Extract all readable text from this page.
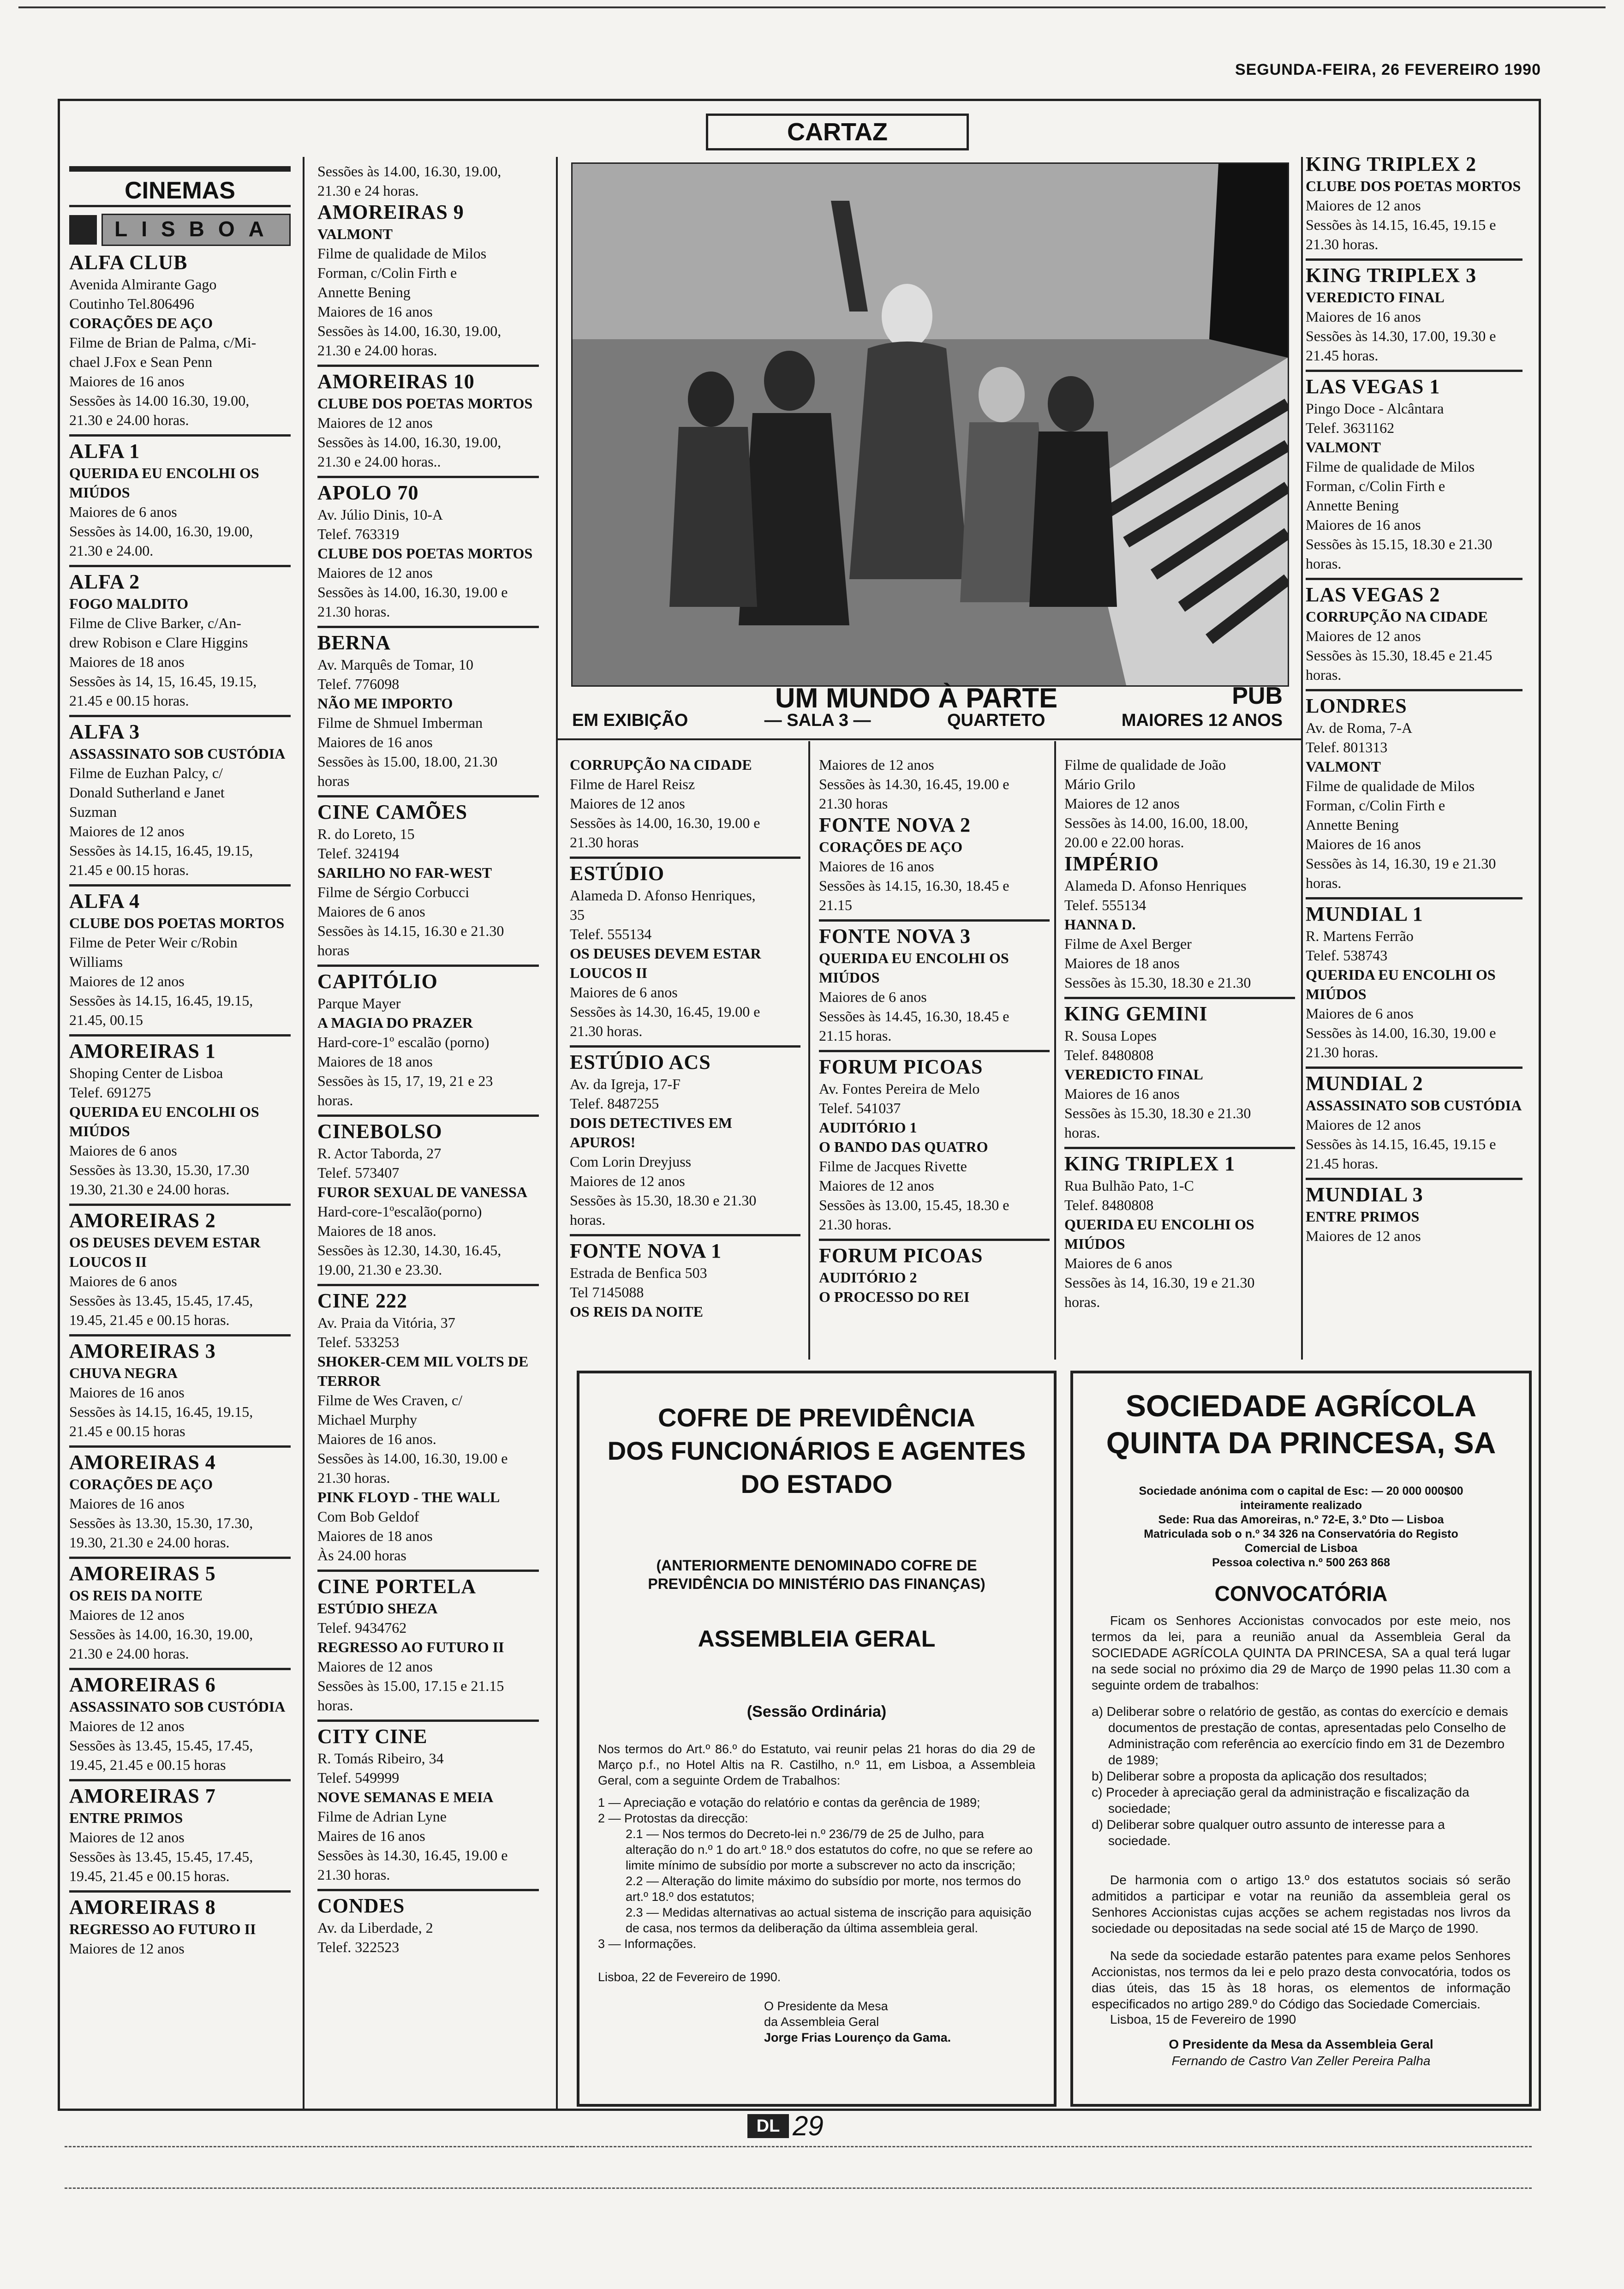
SEGUNDA-FEIRA, 26 FEVEREIRO 1990
CARTAZ
CINEMAS
LISBOA
ALFA CLUB
Avenida Almirante Gago
Coutinho Tel.806496
CORAÇÕES DE AÇO
Filme de Brian de Palma, c/Mi-
chael J.Fox e Sean Penn
Maiores de 16 anos
Sessões às 14.00 16.30, 19.00,
21.30 e 24.00 horas.
ALFA 1
QUERIDA EU ENCOLHI OS MIÚDOS
Maiores de 6 anos
Sessões às 14.00, 16.30, 19.00,
21.30 e 24.00.
ALFA 2
FOGO MALDITO
Filme de Clive Barker, c/An-
drew Robison e Clare Higgins
Maiores de 18 anos
Sessões às 14, 15, 16.45, 19.15,
21.45 e 00.15 horas.
ALFA 3
ASSASSINATO SOB CUSTÓDIA
Filme de Euzhan Palcy, c/
Donald Sutherland e Janet
Suzman
Maiores de 12 anos
Sessões às 14.15, 16.45, 19.15,
21.45 e 00.15 horas.
ALFA 4
CLUBE DOS POETAS MORTOS
Filme de Peter Weir c/Robin
Williams
Maiores de 12 anos
Sessões às 14.15, 16.45, 19.15,
21.45, 00.15
AMOREIRAS 1
Shoping Center de Lisboa
Telef. 691275
QUERIDA EU ENCOLHI OS MIÚDOS
Maiores de 6 anos
Sessões às 13.30, 15.30, 17.30
19.30, 21.30 e 24.00 horas.
AMOREIRAS 2
OS DEUSES DEVEM ESTAR LOUCOS II
Maiores de 6 anos
Sessões às 13.45, 15.45, 17.45,
19.45, 21.45 e 00.15 horas.
AMOREIRAS 3
CHUVA NEGRA
Maiores de 16 anos
Sessões às 14.15, 16.45, 19.15,
21.45 e 00.15 horas
AMOREIRAS 4
CORAÇÕES DE AÇO
Maiores de 16 anos
Sessões às 13.30, 15.30, 17.30,
19.30, 21.30 e 24.00 horas.
AMOREIRAS 5
OS REIS DA NOITE
Maiores de 12 anos
Sessões às 14.00, 16.30, 19.00,
21.30 e 24.00 horas.
AMOREIRAS 6
ASSASSINATO SOB CUSTÓDIA
Maiores de 12 anos
Sessões às 13.45, 15.45, 17.45,
19.45, 21.45 e 00.15 horas
AMOREIRAS 7
ENTRE PRIMOS
Maiores de 12 anos
Sessões às 13.45, 15.45, 17.45,
19.45, 21.45 e 00.15 horas.
AMOREIRAS 8
REGRESSO AO FUTURO II
Maiores de 12 anos
Sessões às 14.00, 16.30, 19.00,
21.30 e 24 horas.
AMOREIRAS 9
VALMONT
Filme de qualidade de Milos
Forman, c/Colin Firth e
Annette Bening
Maiores de 16 anos
Sessões às 14.00, 16.30, 19.00,
21.30 e 24.00 horas.
AMOREIRAS 10
CLUBE DOS POETAS MORTOS
Maiores de 12 anos
Sessões às 14.00, 16.30, 19.00,
21.30 e 24.00 horas..
APOLO 70
Av. Júlio Dinis, 10-A
Telef. 763319
CLUBE DOS POETAS MORTOS
Maiores de 12 anos
Sessões às 14.00, 16.30, 19.00 e
21.30 horas.
BERNA
Av. Marquês de Tomar, 10
Telef. 776098
NÃO ME IMPORTO
Filme de Shmuel Imberman
Maiores de 16 anos
Sessões às 15.00, 18.00, 21.30
horas
CINE CAMÕES
R. do Loreto, 15
Telef. 324194
SARILHO NO FAR-WEST
Filme de Sérgio Corbucci
Maiores de 6 anos
Sessões às 14.15, 16.30 e 21.30
horas
CAPITÓLIO
Parque Mayer
A MAGIA DO PRAZER
Hard-core-1º escalão (porno)
Maiores de 18 anos
Sessões às 15, 17, 19, 21 e 23
horas.
CINEBOLSO
R. Actor Taborda, 27
Telef. 573407
FUROR SEXUAL DE VANESSA
Hard-core-1ºescalão(porno)
Maiores de 18 anos.
Sessões às 12.30, 14.30, 16.45,
19.00, 21.30 e 23.30.
CINE 222
Av. Praia da Vitória, 37
Telef. 533253
SHOKER-CEM MIL VOLTS DE TERROR
Filme de Wes Craven, c/
Michael Murphy
Maiores de 16 anos.
Sessões às 14.00, 16.30, 19.00 e
21.30 horas.
PINK FLOYD - THE WALL
Com Bob Geldof
Maiores de 18 anos
Às 24.00 horas
CINE PORTELA
ESTÚDIO SHEZA
Telef. 9434762
REGRESSO AO FUTURO II
Maiores de 12 anos
Sessões às 15.00, 17.15 e 21.15
horas.
CITY CINE
R. Tomás Ribeiro, 34
Telef. 549999
NOVE SEMANAS E MEIA
Filme de Adrian Lyne
Maires de 16 anos
Sessões às 14.30, 16.45, 19.00 e
21.30 horas.
CONDES
Av. da Liberdade, 2
Telef. 322523
UM MUNDO À PARTE	PUB
EM EXIBIÇÃO	— SALA 3 —	QUARTETO	MAIORES 12 ANOS
CORRUPÇÃO NA CIDADE
Filme de Harel Reisz
Maiores de 12 anos
Sessões às 14.00, 16.30, 19.00 e
21.30 horas
ESTÚDIO
Alameda D. Afonso Henriques,
35
Telef. 555134
OS DEUSES DEVEM ESTAR LOUCOS II
Maiores de 6 anos
Sessões às 14.30, 16.45, 19.00 e
21.30 horas.
ESTÚDIO ACS
Av. da Igreja, 17-F
Telef. 8487255
DOIS DETECTIVES EM APUROS!
Com Lorin Dreyjuss
Maiores de 12 anos
Sessões às 15.30, 18.30 e 21.30
horas.
FONTE NOVA 1
Estrada de Benfica 503
Tel 7145088
OS REIS DA NOITE
Maiores de 12 anos
Sessões às 14.30, 16.45, 19.00 e
21.30 horas
FONTE NOVA 2
CORAÇÕES DE AÇO
Maiores de 16 anos
Sessões às 14.15, 16.30, 18.45 e
21.15
FONTE NOVA 3
QUERIDA EU ENCOLHI OS MIÚDOS
Maiores de 6 anos
Sessões às 14.45, 16.30, 18.45 e
21.15 horas.
FORUM PICOAS
Av. Fontes Pereira de Melo
Telef. 541037
AUDITÓRIO 1
O BANDO DAS QUATRO
Filme de Jacques Rivette
Maiores de 12 anos
Sessões às 13.00, 15.45, 18.30 e
21.30 horas.
FORUM PICOAS
AUDITÓRIO 2
O PROCESSO DO REI
Filme de qualidade de João
Mário Grilo
Maiores de 12 anos
Sessões às 14.00, 16.00, 18.00,
20.00 e 22.00 horas.
IMPÉRIO
Alameda D. Afonso Henriques
Telef. 555134
HANNA D.
Filme de Axel Berger
Maiores de 18 anos
Sessões às 15.30, 18.30 e 21.30
KING GEMINI
R. Sousa Lopes
Telef. 8480808
VEREDICTO FINAL
Maiores de 16 anos
Sessões às 15.30, 18.30 e 21.30
horas.
KING TRIPLEX 1
Rua Bulhão Pato, 1-C
Telef. 8480808
QUERIDA EU ENCOLHI OS MIÚDOS
Maiores de 6 anos
Sessões às 14, 16.30, 19 e 21.30
horas.
KING TRIPLEX 2
CLUBE DOS POETAS MORTOS
Maiores de 12 anos
Sessões às 14.15, 16.45, 19.15 e
21.30 horas.
KING TRIPLEX 3
VEREDICTO FINAL
Maiores de 16 anos
Sessões às 14.30, 17.00, 19.30 e
21.45 horas.
LAS VEGAS 1
Pingo Doce - Alcântara
Telef. 3631162
VALMONT
Filme de qualidade de Milos
Forman, c/Colin Firth e
Annette Bening
Maiores de 16 anos
Sessões às 15.15, 18.30 e 21.30
horas.
LAS VEGAS 2
CORRUPÇÃO NA CIDADE
Maiores de 12 anos
Sessões às 15.30, 18.45 e 21.45
horas.
LONDRES
Av. de Roma, 7-A
Telef. 801313
VALMONT
Filme de qualidade de Milos
Forman, c/Colin Firth e
Annette Bening
Maiores de 16 anos
Sessões às 14, 16.30, 19 e 21.30
horas.
MUNDIAL 1
R. Martens Ferrão
Telef. 538743
QUERIDA EU ENCOLHI OS MIÚDOS
Maiores de 6 anos
Sessões às 14.00, 16.30, 19.00 e
21.30 horas.
MUNDIAL 2
ASSASSINATO SOB CUSTÓDIA
Maiores de 12 anos
Sessões às 14.15, 16.45, 19.15 e
21.45 horas.
MUNDIAL 3
ENTRE PRIMOS
Maiores de 12 anos
COFRE DE PREVIDÊNCIA
DOS FUNCIONÁRIOS E AGENTES
DO ESTADO
(ANTERIORMENTE DENOMINADO COFRE DE
PREVIDÊNCIA DO MINISTÉRIO DAS FINANÇAS)
ASSEMBLEIA GERAL
(Sessão Ordinária)

Nos termos do Art.º 86.º do Estatuto, vai reunir pelas 21 horas do dia 29 de Março p.f., no Hotel Altis na R. Castilho, n.º 11, em Lisboa, a Assembleia Geral, com a seguinte Ordem de Trabalhos:

1 — Apreciação e votação do relatório e contas da gerência de 1989;
2 — Protostas da direcção:
2.1 — Nos termos do Decreto-lei n.º 236/79 de 25 de Julho, para alteração do n.º 1 do art.º 18.º dos estatutos do cofre, no que se refere ao limite mínimo de subsídio por morte a subscrever no acto da inscrição;
2.2 — Alteração do limite máximo do subsídio por morte, nos termos do art.º 18.º dos estatutos;
2.3 — Medidas alternativas ao actual sistema de inscrição para aquisição de casa, nos termos da deliberação da última assembleia geral.
3 — Informações.

Lisboa, 22 de Fevereiro de 1990.

O Presidente da Mesa
da Assembleia Geral
Jorge Frias Lourenço da Gama.
SOCIEDADE AGRÍCOLA
QUINTA DA PRINCESA, SA
Sociedade anónima com o capital de Esc: — 20 000 000$00
inteiramente realizado
Sede: Rua das Amoreiras, n.º 72-E, 3.º Dto — Lisboa
Matriculada sob o n.º 34 326 na Conservatória do Registo
Comercial de Lisboa
Pessoa colectiva n.º 500 263 868
CONVOCATÓRIA

Ficam os Senhores Accionistas convocados por este meio, nos termos da lei, para a reunião anual da Assembleia Geral da SOCIEDADE AGRÍCOLA QUINTA DA PRINCESA, SA a qual terá lugar na sede social no próximo dia 29 de Março de 1990 pelas 11.30 com a seguinte ordem de trabalhos:

a) Deliberar sobre o relatório de gestão, as contas do exercício e demais documentos de prestação de contas, apresentadas pelo Conselho de Administração com referência ao exercício findo em 31 de Dezembro de 1989;
b) Deliberar sobre a proposta da aplicação dos resultados;
c) Proceder à apreciação geral da administração e fiscalização da sociedade;
d) Deliberar sobre qualquer outro assunto de interesse para a sociedade.

De harmonia com o artigo 13.º dos estatutos sociais só serão admitidos a participar e votar na reunião da assembleia geral os Senhores Accionistas cujas acções se achem registadas nos livros da sociedade ou depositadas na sede social até 15 de Março de 1990.

Na sede da sociedade estarão patentes para exame pelos Senhores Accionistas, nos termos da lei e pelo prazo desta convocatória, todos os dias úteis, das 15 às 18 horas, os elementos de informação especificados no artigo 289.º do Código das Sociedade Comerciais.

Lisboa, 15 de Fevereiro de 1990

O Presidente da Mesa da Assembleia Geral
Fernando de Castro Van Zeller Pereira Palha
DL 29
